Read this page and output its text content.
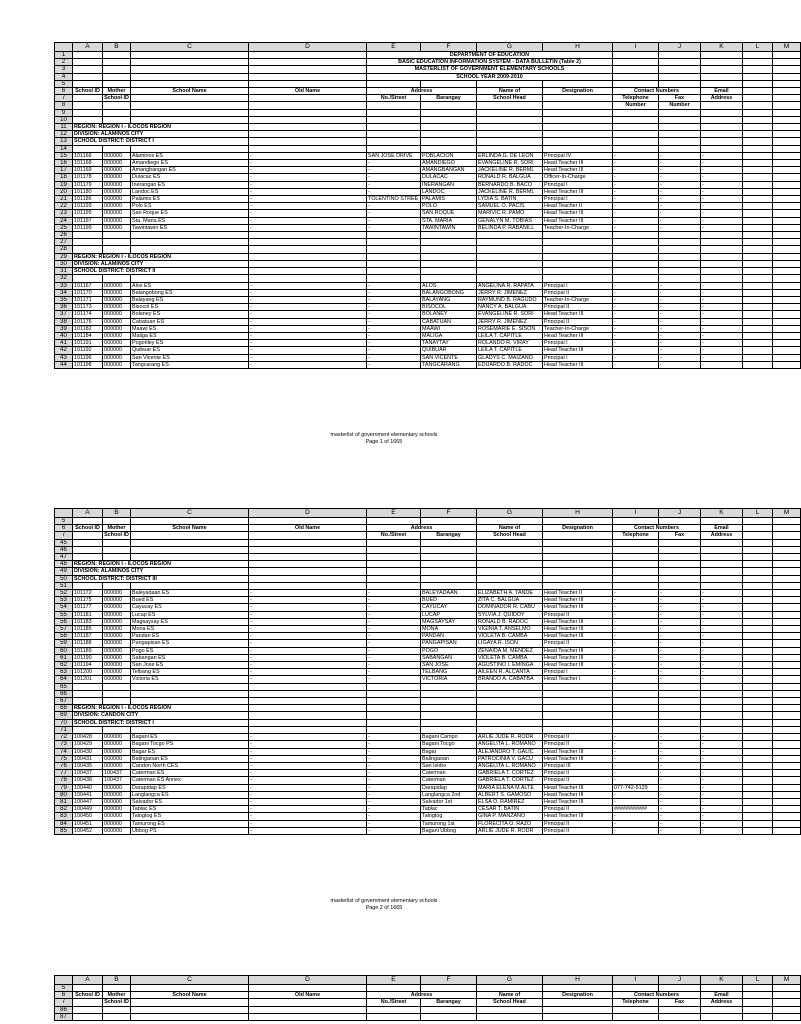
	A	B	C	D	E	F	G	H	I	J	K	L	M
1					DEPARTMENT OF EDUCATION								
2					BASIC EDUCATION INFORMATION SYSTEM - DATA BULLETIN (Table 2)								
3					MASTERLIST OF GOVERNMENT ELEMENTARY SCHOOLS								
4					SCHOOL YEAR 2009-2010								
5													
6	School ID	Mother	School Name	Old Name	Address		Name of	Designation	Contact Numbers		Email		
7		School ID			No./Street	Barangay	School Head		Telephone	Fax	Address		
8									Number	Number			
9													
10													
11	REGION: REGION I - ILOCOS REGION												
12	DIVISION: ALAMINOS CITY												
13	SCHOOL DISTRICT: DISTRICT I												
14													
15	101166	000000	Alaminos ES	-	SAN JOSE DRIVE	POBLACION	ERLINDA G. DE LEON	Principal IV	-	-	-		
16	101168	000000	Amandiego ES	-	-	AMANDIEGO	EVANGELINE R. SORI	Head Teacher III	-	-	-		
17	101169	000000	Amangbangan ES	-	-	AMANGBANGAN	JACKELINE R. BERML	Head Teacher III	-	-	-		
18	101178	000000	Dulacac ES	-	-	DULACAC	RONALD R. BALGUA	Officer-In-Charge	-	-	-		
19	101179	000000	Inerangan ES	-	-	INERANGAN	BERNARDO B. BACO	Principal I	-	-	-		
20	101180	000000	Landoc ES	-	-	LANDOC	JACKELINE R. BERML	Head Teacher III	-	-	-		
21	101186	000000	Palamis ES	-	TOLENTINO STREE	PALAMIS	LYDIA S. BATIN	Principal I	-	-	-		
22	101193	000000	Polo ES	-	-	POLO	SAMUEL O. PACIS	Head Teacher II	-	-	-		
23	101195	000000	San Roque ES	-	-	SAN ROQUE	MARIVIC R. PAMO	Head Teacher III	-	-	-		
24	101197	000000	Sta. Maria ES	-	-	STA. MARIA	GENALYN M. TOBIAS	Head Teacher III	-	-	-		
25	101199	000000	Tawintawin ES	-	-	TAWINTAWIN	BELINDA P. RABANILL	Teacher-In-Charge	-	-	-		
26													
27													
28													
29	REGION: REGION I - ILOCOS REGION												
30	DIVISION: ALAMINOS CITY												
31	SCHOOL DISTRICT: DISTRICT II												
32													
33	101167	000000	Alos ES	-	-	ALOS	ANGELINA R. RAPATA	Principal I	-	-	-		
34	101170	000000	Balangobong ES	-	-	BALANGOBONG	JERRY R. JIMENEZ	Principal II	-	-	-		
35	101171	000000	Balayang ES	-	-	BALAYANG	RAYMUND B. RAGUDO	Teacher-In-Charge	-	-	-		
36	101173	000000	Bisocol ES	-	-	BISOCOL	NANCY A. BALGUA	Principal II	-	-	-		
37	101174	000000	Bolaney ES	-	-	BOLANEY	EVANGELINE R. SORI	Head Teacher III	-	-	-		
38	101176	000000	Cabatuan ES	-	-	CABATUAN	JERRY R. JIMENEZ	Principal II	-	-	-		
39	101182	000000	Maawi ES	-	-	MAAWI	ROSEMARIE E. SISON	Teacher-In-Charge	-	-	-		
40	101184	000000	Maliga ES	-	-	MALIGA	LEILA T. CAPITLE	Head Teacher III	-	-	-		
41	101191	000000	Pogoriley ES	-	-	TANAYTAY	ROLANDO R. VIRAY	Principal I	-	-	-		
42	101192	000000	Quibuar ES	-	-	QUIBUAR	LEILA T. CAPITLE	Head Teacher III	-	-	-		
43	101196	000000	San Vicente ES	-	-	SAN VICENTE	GLADYS C. MAIZANO	Principal I	-	-	-		
44	101198	000000	Tangcarang ES	-	-	TANGCARANG	EDUARDO B. RADOC	Head Teacher III	-	-	-		
masterlist of government elementary schools
Page 1 of 1665
	A	B	C	D	E	F	G	H	I	J	K	L	M
5													
6	School ID	Mother	School Name	Old Name	Address		Name of	Designation	Contact Numbers		Email		
7		School ID			No./Street	Barangay	School Head		Telephone	Fax	Address		
45													
46													
47													
48	REGION: REGION I - ILOCOS REGION												
49	DIVISION: ALAMINOS CITY												
50	SCHOOL DISTRICT: DISTRICT III												
51													
52	101172	000000	Baleyadaan ES	-	-	BALEYADAAN	ELIZABETH A. TANDE	Head Teacher II	-	-	-		
53	101175	000000	Bued ES	-	-	BUED	ZITA C. BALGUA	Head Teacher III	-	-	-		
54	101177	000000	Cayucay ES	-	-	CAYUCAY	DOMINADOR R. CABU	Head Teacher III	-	-	-		
55	101181	000000	Lucap ES	-	-	LUCAP	SYLVIA J. QUIDOY	Principal II	-	-	-		
56	101183	000000	Magsaysay ES	-	-	MAGSAYSAY	RONALD B. RADOC	Head Teacher III	-	-	-		
57	101185	000000	Mona ES	-	-	MONA	VIGINIA T. ANSELMO	Head Teacher III	-	-	-		
58	101187	000000	Pandan ES	-	-	PANDAN	VIOLETA B. CAMBA	Head Teacher III	-	-	-		
59	101188	000000	Pangapisan ES	-	-	PANGAPISAN	LIGAYA R. ISON	Principal II	-	-	-		
60	101189	000000	Pogo ES	-	-	POGO	ZENAIDA M. MENDEZ	Head Teacher III	-	-	-		
61	101190	000000	Sabangan ES	-	-	SABANGAN	VIOLETA B. CAMBA	Head Teacher III	-	-	-		
62	101194	000000	San Jose ES	-	-	SAN JOSE	AGUSTINO I. EMINGA	Head Teacher III	-	-	-		
63	101200	000000	Telbang ES	-	-	TELBANG	AILEEN R. ALCANTA	Principal I	-	-	-		
64	101201	000000	Victoria ES	-	-	VICTORIA	BRANDO A. CABATBA	Head Teacher I	-	-	-		
65													
66													
67													
68	REGION: REGION I - ILOCOS REGION												
69	DIVISION: CANDON CITY												
70	SCHOOL DISTRICT: DISTRICT I												
71													
72	100428	000000	Bagani ES	-	-	Bagani Campo	ARLIE JUDE R. RODR	Principal II	-	-	-		
73	100429	000000	Bagani Tocgo PS	-	-	Bagani Tocgo	ANGELITA L. ROMANO	Principal II	-	-	-		
74	100430	000000	Bagar ES	-	-	Bagar	ALEJANDRO T. GALIC	Head Teacher III	-	-	-		
75	100431	000000	Balingaoan ES	-	-	Balingaoan	PATROCINIA V. GACU	Head Teacher III	-	-	-		
76	100435	000000	Candon North CES	-	-	San Isidro	ANGELITA L. ROMANO	Principal III	-	-	-		
77	100437	100437	Caterman ES	-	-	Caterman	GABRIELA T. CORTEZ	Principal II	-	-	-		
78	100438	100437	Caterman ES Annex	-	-	Caterman	GABRIELA T. CORTEZ	Principal II	-	-	-		
79	100440	000000	Darapidap ES	-	-	Darapidap	MARIA ELENA M ALTE	Head Teacher III	077-742-5129	-	-		
80	100441	000000	Langlangca ES	-	-	Langlangca 2nd	ALBERT S. GAMOSO	Head Teacher III	-	-	-		
81	100447	000000	Salvador ES	-	-	Salvador 1st	ELSA O. RAMIREZ	Head Teacher III	-	-	-		
82	100449	000000	Tablac ES	-	-	Tablac	CESAR T. BATIN	Principal II	###########	-	-		
83	100450	000000	Talogtog ES	-	-	Talogtog	GINA P. MANZANO	Head Teacher III	-	-	-		
84	100451	000000	Tamurong ES	-	-	Tamurong 1st	FLORECITA O. RAZO	Principal II	-	-	-		
85	100452	000000	Ubbog PS	-	-	Bagani Ubbog	ARLIE JUDE R. RODR	Principal II	-	-	-		
masterlist of government elementary schools
Page 2 of 1665
	A	B	C	D	E	F	G	H	I	J	K	L	M
5													
6	School ID	Mother	School Name	Old Name	Address		Name of	Designation	Contact Numbers		Email		
7		School ID			No./Street	Barangay	School Head		Telephone	Fax	Address		
86													
87													
